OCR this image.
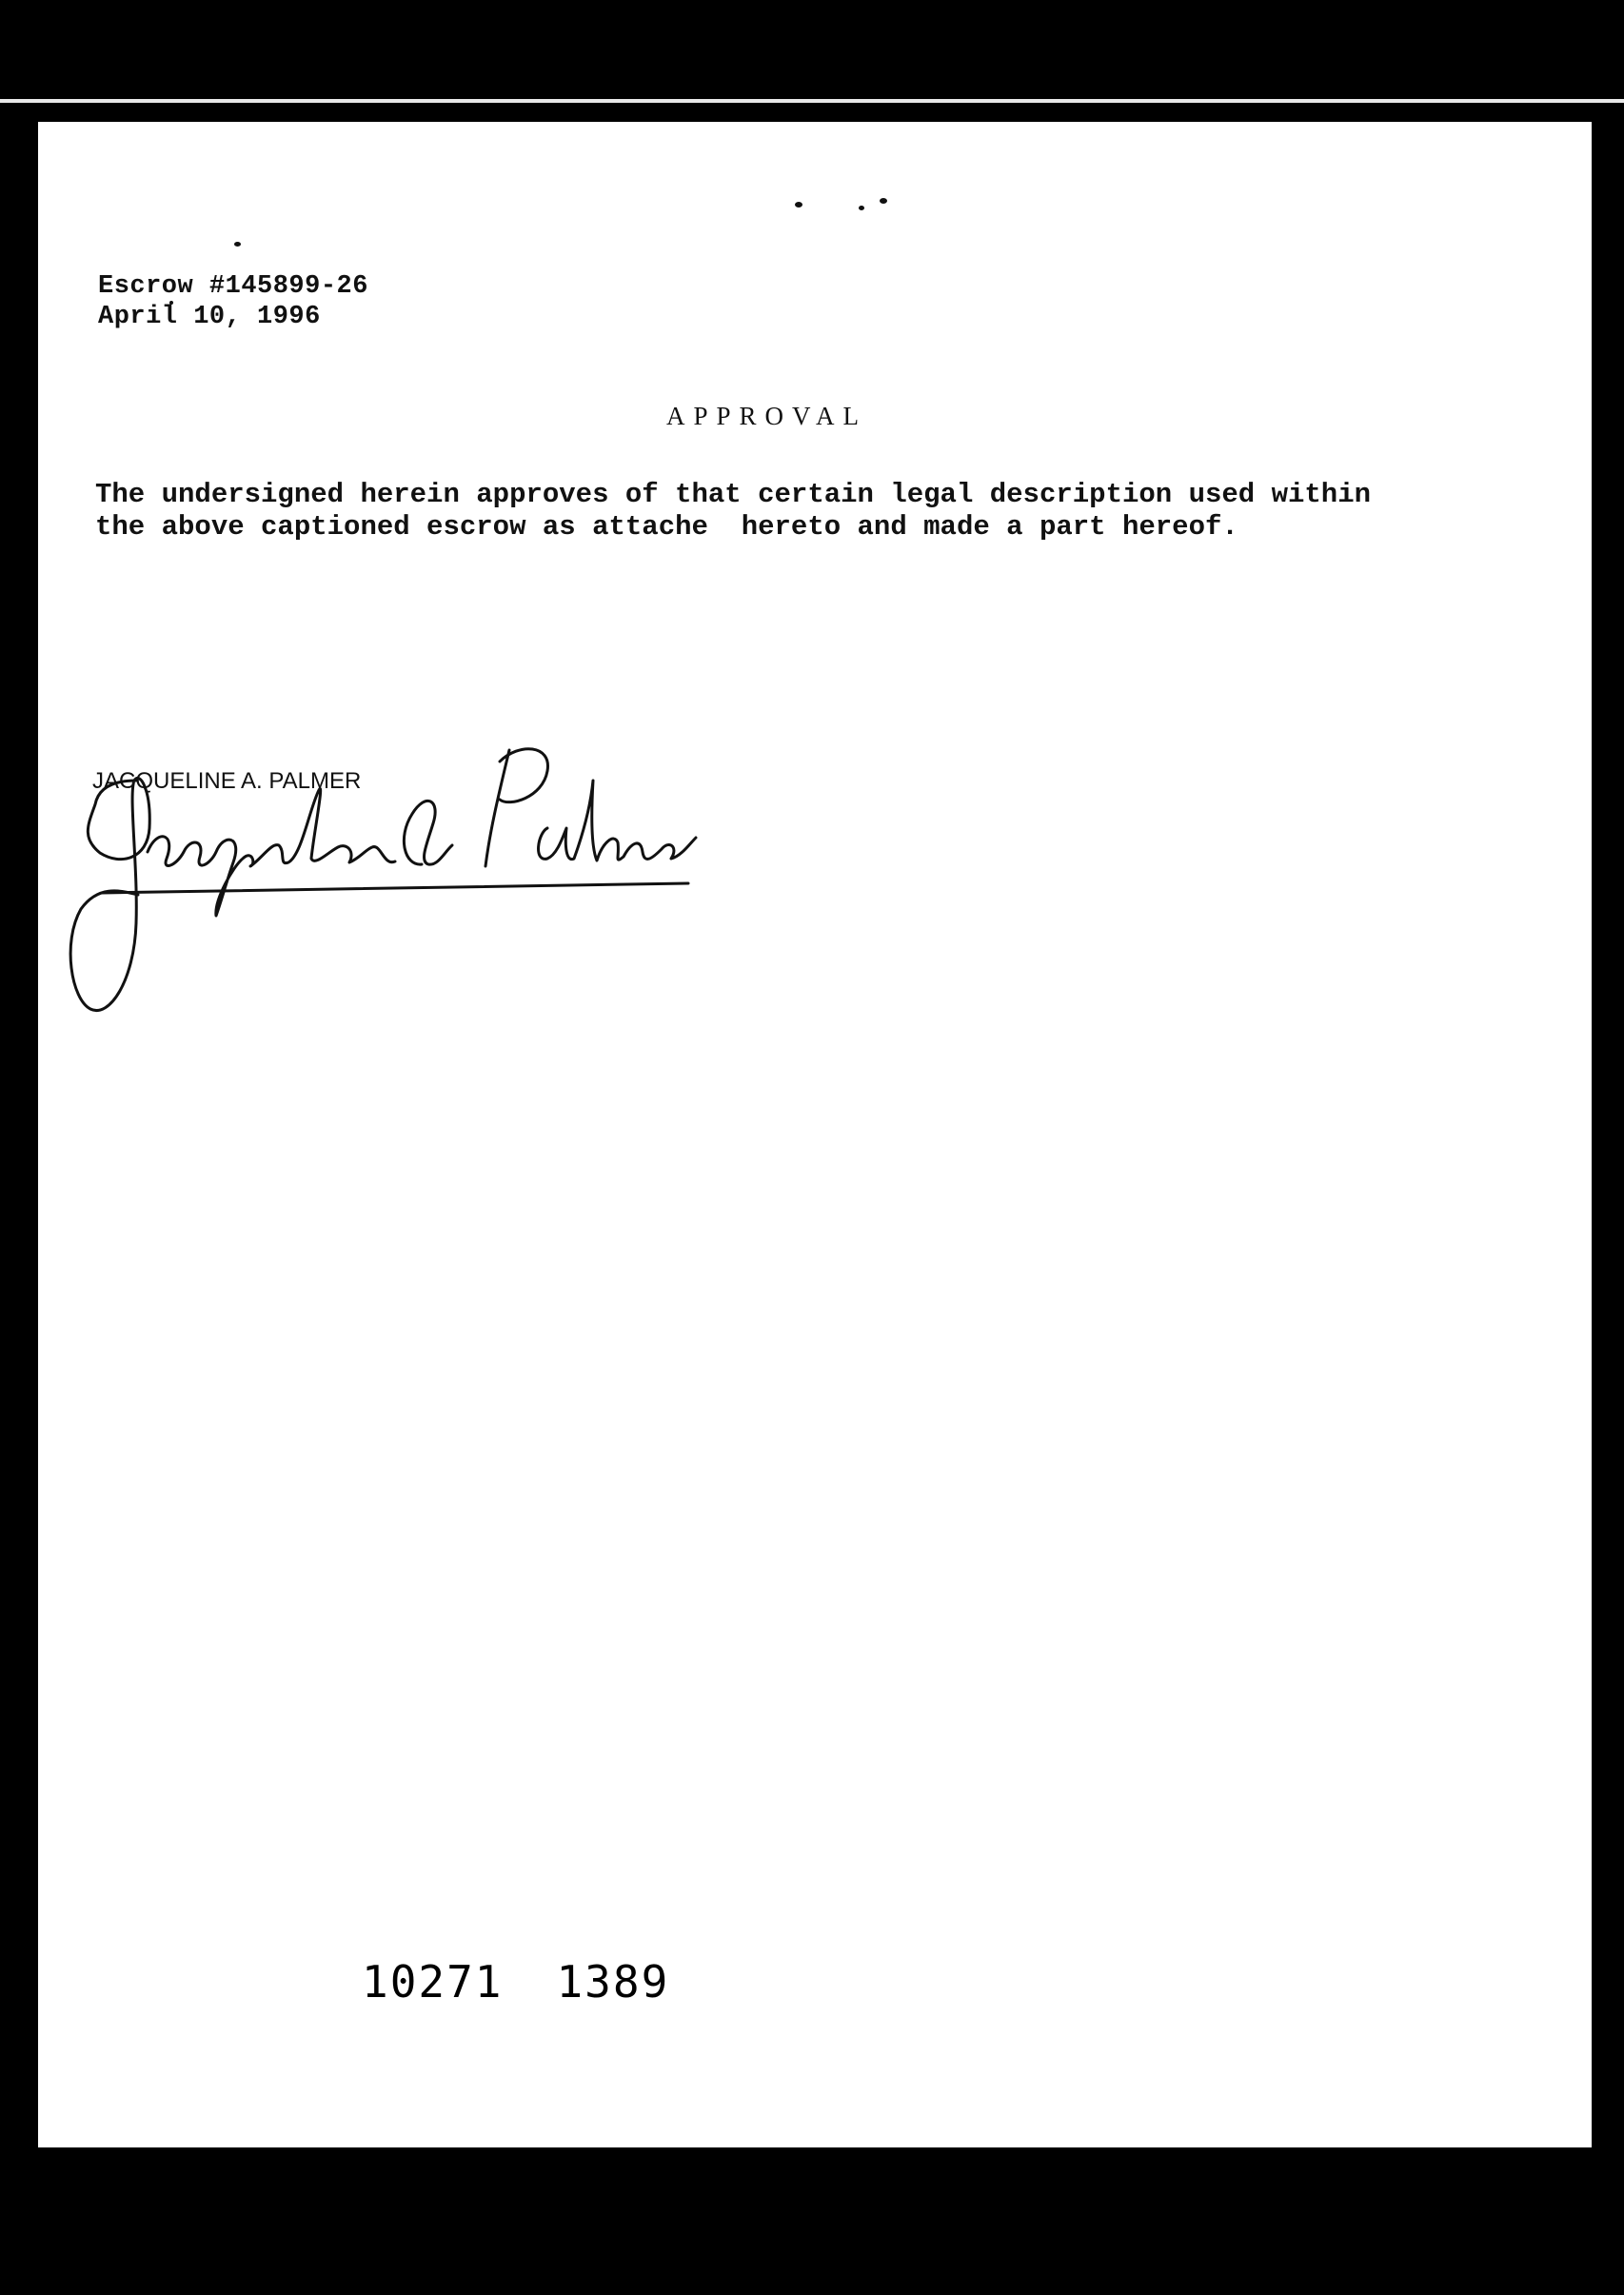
Escrow #145899-26
April 10, 1996
APPROVAL
The undersigned herein approves of that certain legal description used within
the above captioned escrow as attache  hereto and made a part hereof.
JACQUELINE A. PALMER
10271 1389
